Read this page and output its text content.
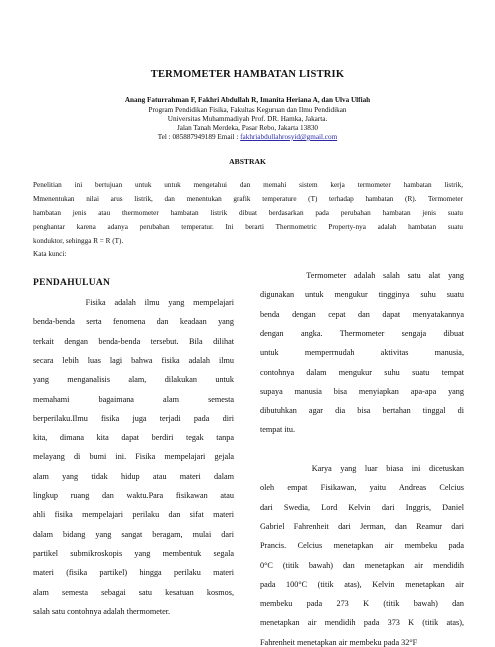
TERMOMETER HAMBATAN LISTRIK
Anang Faturrahman F, Fakhri Abdullah R, Imanita Heriana A, dan Ulva Ulfiah
Program Pendidikan Fisika, Fakultas Keguruan dan Ilmu Pendidikan
Universitas Muhammadiyah Prof. DR. Hamka, Jakarta.
Jalan Tanah Merdeka, Pasar Rebo, Jakarta 13830
Tel : 085887949189 Email : fakhriabdullahrosyid@gmail.com
ABSTRAK
Penelitian ini bertujuan untuk untuk mengetahui dan memahi sistem kerja termometer hambatan listrik,
Mmenentukan nilai arus listrik, dan menentukan grafik temperature (T) terhadap hambatan (R). Termometer
hambatan jenis atau thermometer hambatan listrik dibuat berdasarkan pada perubahan hambatan jenis suatu
penghantar karena adanya perubahan temperatur. Ini berarti Thermometric Property-nya adalah hambatan suatu
konduktor, sehingga R = R (T).
Kata kunci:
PENDAHULUAN
Fisika adalah ilmu yang mempelajari
benda-benda serta fenomena dan keadaan yang
terkait dengan benda-benda tersebut. Bila dilihat
secara lebih luas lagi bahwa fisika adalah ilmu
yang menganalisis alam, dilakukan untuk
memahami   bagaimana   alam   semesta
berperilaku.Ilmu fisika juga terjadi pada diri
kita, dimana kita dapat berdiri tegak tanpa
melayang di bumi ini. Fisika mempelajari gejala
alam yang tidak hidup atau materi dalam
lingkup ruang dan waktu.Para fisikawan atau
ahli fisika mempelajari perilaku dan sifat materi
dalam bidang yang sangat beragam, mulai dari
partikel submikroskopis yang membentuk segala
materi (fisika partikel) hingga perilaku materi
alam semesta sebagai satu kesatuan kosmos,
salah satu contohnya adalah thermometer.
Termometer adalah salah satu alat yang
digunakan untuk mengukur tingginya suhu suatu
benda dengan cepat dan dapat menyatakannya
dengan angka. Thermometer sengaja dibuat
untuk   memperrnudah   aktivitas   manusia,
contohnya dalam mengukur suhu suatu tempat
supaya manusia bisa menyiapkan apa-apa yang
dibutuhkan agar dia bisa bertahan tinggal di
tempat itu.
Karya yang luar biasa ini dicetuskan
oleh empat Fisikawan, yaitu Andreas Celcius
dari Swedia, Lord Kelvin dari Inggris, Daniel
Gabriel Fahrenheit dari Jerman, dan Reamur dari
Prancis. Celcius menetapkan air membeku pada
0°C (titik bawah) dan menetapkan air mendidih
pada 100°C (titik atas), Kelvin menetapkan air
membeku pada 273 K (titik bawah) dan
menetapkan air mendidih pada 373 K (titik atas),
Fahrenheit menetapkan air membeku pada 32°F
